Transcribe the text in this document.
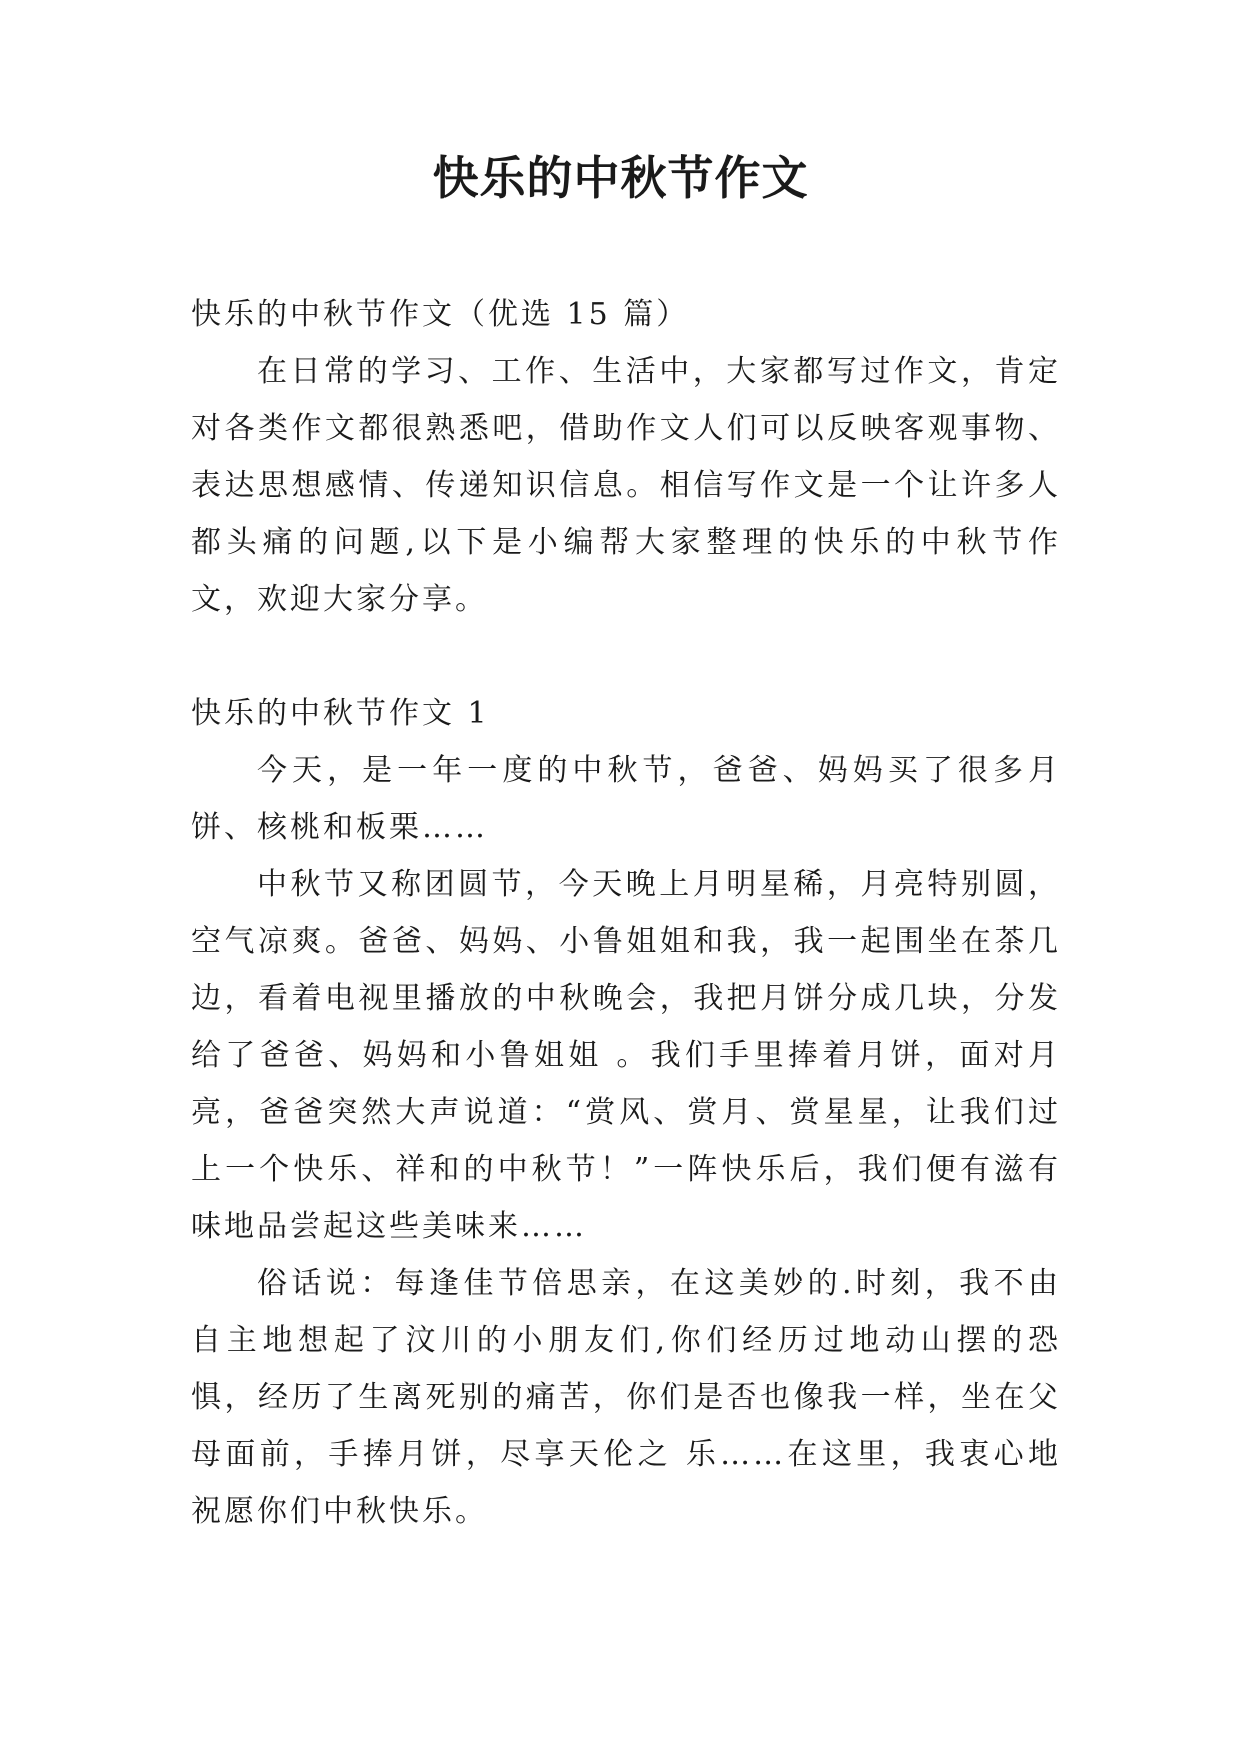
快乐的中秋节作文

快乐的中秋节作文（优选 15 篇）

在日常的学习、工作、生活中，大家都写过作文，肯定对各类作文都很熟悉吧，借助作文人们可以反映客观事物、表达思想感情、传递知识信息。相信写作文是一个让许多人都头痛的问题,以下是小编帮大家整理的快乐的中秋节作文，欢迎大家分享。

快乐的中秋节作文 1

今天，是一年一度的中秋节，爸爸、妈妈买了很多月饼、核桃和板栗……

中秋节又称团圆节，今天晚上月明星稀，月亮特别圆，空气凉爽。爸爸、妈妈、小鲁姐姐和我，我一起围坐在茶几边，看着电视里播放的中秋晚会，我把月饼分成几块，分发给了爸爸、妈妈和小鲁姐姐 。我们手里捧着月饼，面对月亮，爸爸突然大声说道：“赏风、赏月、赏星星，让我们过上一个快乐、祥和的中秋节！”一阵快乐后，我们便有滋有味地品尝起这些美味来……

俗话说：每逢佳节倍思亲，在这美妙的.时刻，我不由自主地想起了汶川的小朋友们,你们经历过地动山摆的恐惧，经历了生离死别的痛苦，你们是否也像我一样，坐在父母面前，手捧月饼，尽享天伦之 乐……在这里，我衷心地祝愿你们中秋快乐。
